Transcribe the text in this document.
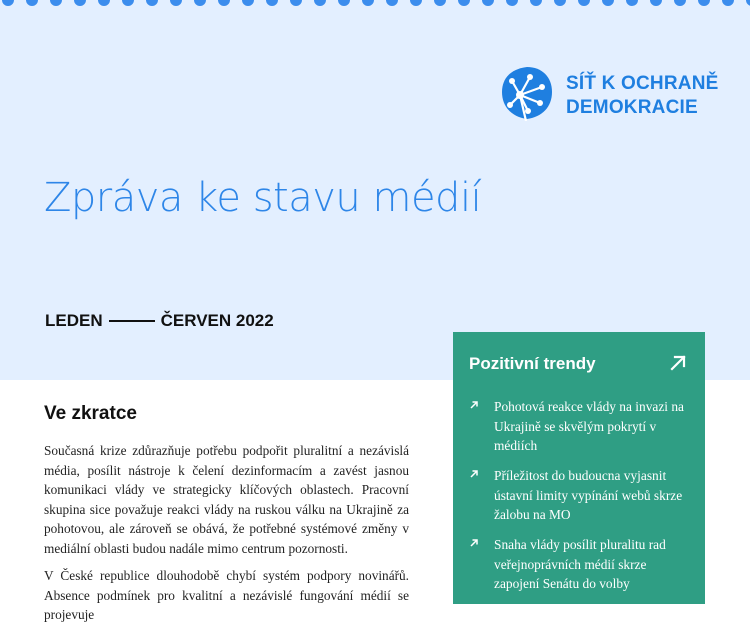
SÍŤ K OCHRANĚ
DEMOKRACIE
Zpráva ke stavu médií
LEDEN	ČERVEN 2022
Ve zkratce

Současná krize zdůrazňuje potřebu podpořit pluralitní a nezávislá média, posílit nástroje k čelení dezinformacím a zavést jasnou komunikaci vlády ve strategicky klíčových oblastech. Pracovní skupina sice považuje reakci vlády na ruskou válku na Ukrajině za pohotovou, ale zároveň se obává, že potřebné systémové změny v mediální oblasti budou nadále mimo centrum pozornosti.

V České republice dlouhodobě chybí systém podpory novinářů. Absence podmínek pro kvalitní a nezávislé fungování médií se projevuje

Pozitivní trendy
Pohotová reakce vlády na invazi na Ukrajině se skvělým pokrytí v médiích
Příležitost do budoucna vyjasnit ústavní limity vypínání webů skrze žalobu na MO
Snaha vlády posílit pluralitu rad veřejnoprávních médií skrze zapojení Senátu do volby
